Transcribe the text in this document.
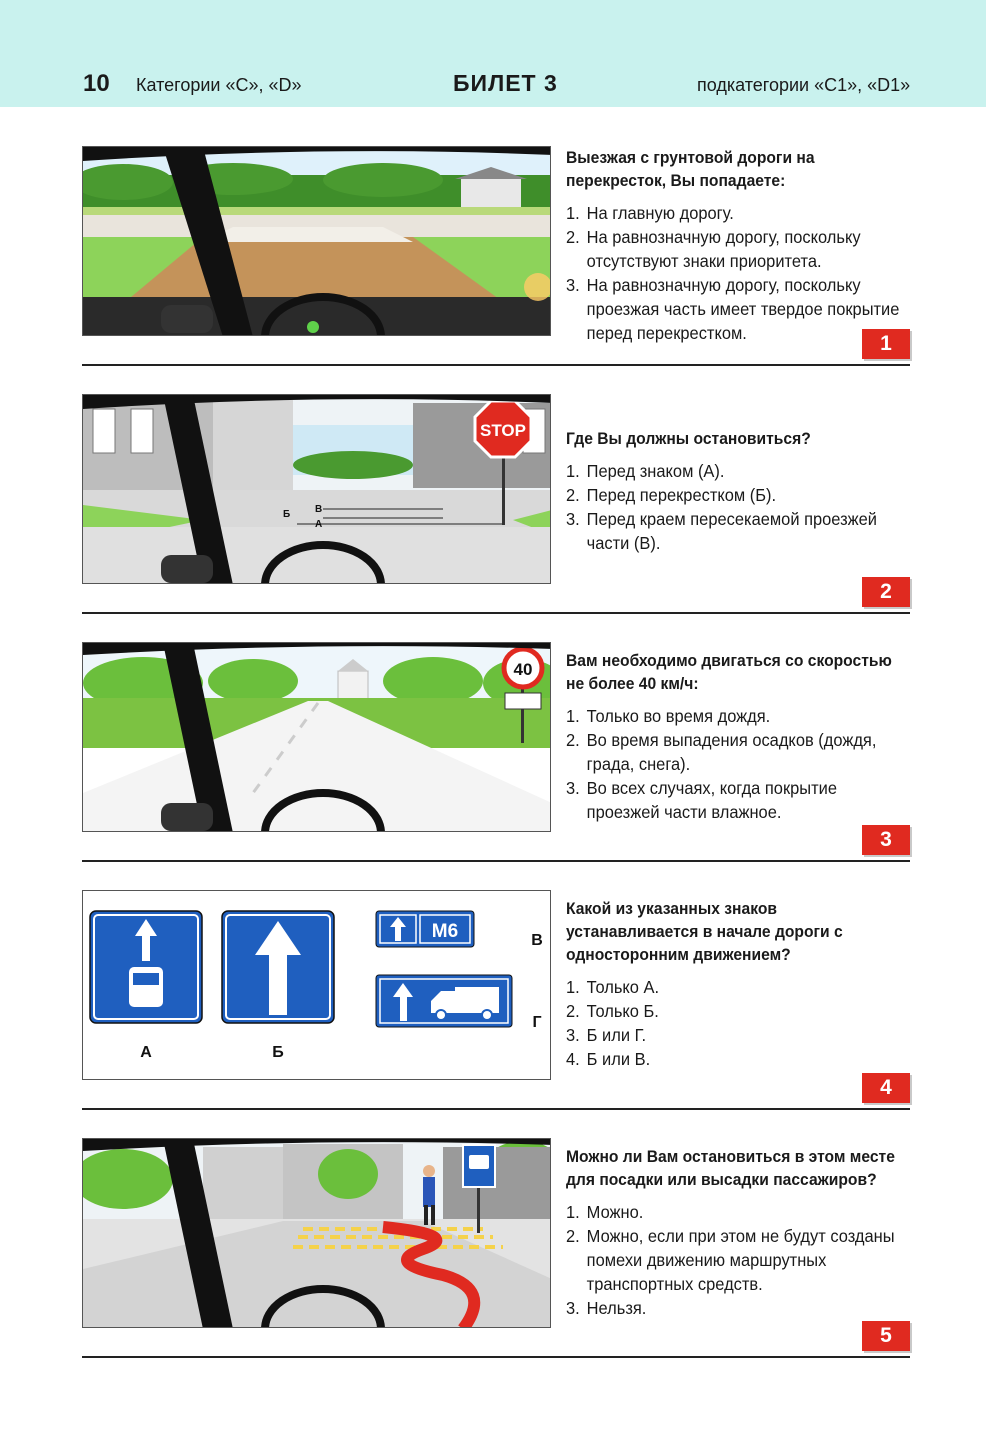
10 Категории «C», «D»	БИЛЕТ 3	подкатегории «C1», «D1»
Выезжая с грунтовой дороги на перекресток, Вы попадаете:
1. На главную дорогу.
2. На равнозначную дорогу, поскольку отсутствуют знаки приоритета.
3. На равнозначную дорогу, поскольку проезжая часть имеет твердое покрытие перед перекрестком.	1
Б В
А
STOP Где Вы должны остановиться?
1. Перед знаком (А).
2. Перед перекрестком (Б).
3. Перед краем пересекаемой проезжей части (В).
2
40 Вам необходимо двигаться со скоростью не более 40 км/ч:
1. Только во время дождя.
2. Во время выпадения осадков (дождя, града, снега).
3. Во всех случаях, когда покрытие проезжей части влажное.
3
М6
А	Б
В
Г
Какой из указанных знаков устанавливается в начале дороги с односторонним движением?
1. Только А.
2. Только Б.
3. Б или Г.
4. Б или В.
4
Можно ли Вам остановиться в этом месте для посадки или высадки пассажиров?
1. Можно.
2. Можно, если при этом не будут созданы помехи движению маршрутных транспортных средств.
3. Нельзя.
5
